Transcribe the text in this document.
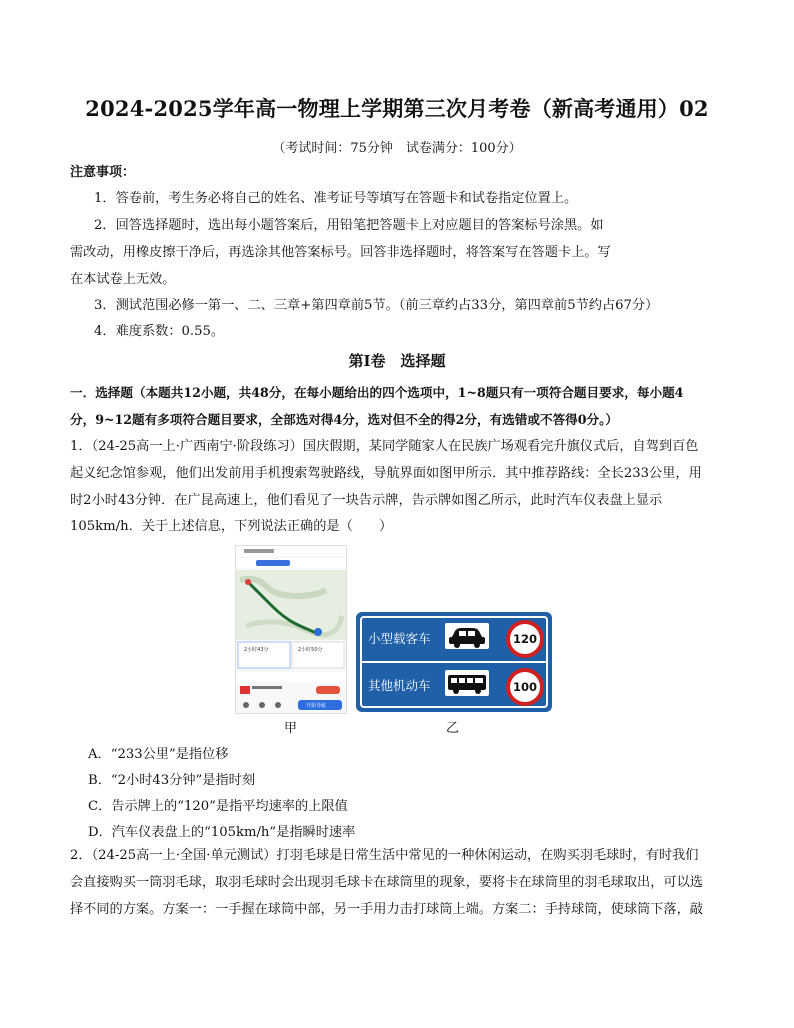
2024-2025学年高一物理上学期第三次月考卷（新高考通用）02
（考试时间：75分钟　试卷满分：100分）
注意事项：
1．答卷前，考生务必将自己的姓名、准考证号等填写在答题卡和试卷指定位置上。
2．回答选择题时，选出每小题答案后，用铅笔把答题卡上对应题目的答案标号涂黑。如
需改动，用橡皮擦干净后，再选涂其他答案标号。回答非选择题时，将答案写在答题卡上。写
在本试卷上无效。
3．测试范围必修一第一、二、三章+第四章前5节。（前三章约占33分，第四章前5节约占67分）
4．难度系数：0.55。
第Ⅰ卷　选择题
一．选择题（本题共12小题，共48分，在每小题给出的四个选项中，1~8题只有一项符合题目要求，每小题4
分，9~12题有多项符合题目要求，全部选对得4分，选对但不全的得2分，有选错或不答得0分。）
1．（24-25高一上·广西南宁·阶段练习）国庆假期，某同学随家人在民族广场观看完升旗仪式后，自驾到百色
起义纪念馆参观，他们出发前用手机搜索驾驶路线，导航界面如图甲所示．其中推荐路线：全长233公里，用
时2小时43分钟．在广昆高速上，他们看见了一块告示牌，告示牌如图乙所示，此时汽车仪表盘上显示
105km/h．关于上述信息，下列说法正确的是（　　）
2小时43分	2小时50分
开始导航
小型载客车	120
其他机动车	100
甲	乙
A．“233公里”是指位移
B．“2小时43分钟”是指时刻
C．告示牌上的“120”是指平均速率的上限值
D．汽车仪表盘上的“105km/h”是指瞬时速率
2．（24-25高一上·全国·单元测试）打羽毛球是日常生活中常见的一种休闲运动，在购买羽毛球时，有时我们
会直接购买一筒羽毛球，取羽毛球时会出现羽毛球卡在球筒里的现象，要将卡在球筒里的羽毛球取出，可以选
择不同的方案。方案一：一手握在球筒中部，另一手用力击打球筒上端。方案二：手持球筒，使球筒下落，敲
